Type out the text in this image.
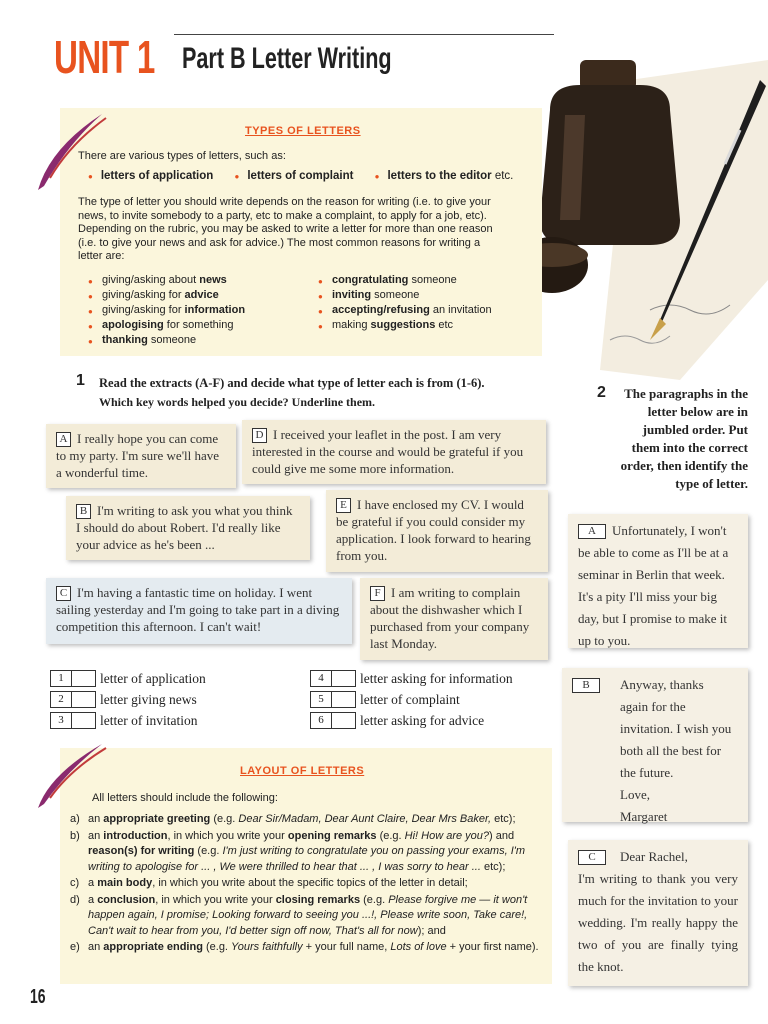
UNIT 1 Part B Letter Writing
TYPES OF LETTERS
There are various types of letters, such as:
● letters of application	● letters of complaint	● letters to the editor etc.
The type of letter you should write depends on the reason for writing (i.e. to give your news, to invite somebody to a party, etc to make a complaint, to apply for a job, etc). Depending on the rubric, you may be asked to write a letter for more than one reason (i.e. to give your news and ask for advice.) The most common reasons for writing a letter are:
● giving/asking about news
● giving/asking for advice
● giving/asking for information
● apologising for something
● thanking someone
● congratulating someone
● inviting someone
● accepting/refusing an invitation
● making suggestions etc
1 Read the extracts (A-F) and decide what type of letter each is from (1-6).
Which key words helped you decide? Underline them.
A I really hope you can come to my party. I'm sure we'll have a wonderful time.
D I received your leaflet in the post. I am very interested in the course and would be grateful if you could give me some more information.
B I'm writing to ask you what you think I should do about Robert. I'd really like your advice as he's been ...
E I have enclosed my CV. I would be grateful if you could consider my application. I look forward to hearing from you.
C I'm having a fantastic time on holiday. I went sailing yesterday and I'm going to take part in a diving competition this afternoon. I can't wait!
F I am writing to complain about the dishwasher which I purchased from your company last Monday.
1	letter of application
2	letter giving news
3	letter of invitation
4	letter asking for information
5	letter of complaint
6	letter asking for advice
LAYOUT OF LETTERS
All letters should include the following:
a) an appropriate greeting (e.g. Dear Sir/Madam, Dear Aunt Claire, Dear Mrs Baker, etc);
b) an introduction, in which you write your opening remarks (e.g. Hi! How are you?) and reason(s) for writing (e.g. I'm just writing to congratulate you on passing your exams, I'm writing to apologise for ... , We were thrilled to hear that ... , I was sorry to hear ... etc);
c) a main body, in which you write about the specific topics of the letter in detail;
d) a conclusion, in which you write your closing remarks (e.g. Please forgive me — it won't happen again, I promise; Looking forward to seeing you ...!, Please write soon, Take care!, Can't wait to hear from you, I'd better sign off now, That's all for now); and
e) an appropriate ending (e.g. Yours faithfully + your full name, Lots of love + your first name).
2	The paragraphs in the letter below are in jumbled order. Put them into the correct order, then identify the type of letter.
A Unfortunately, I won't be able to come as I'll be at a seminar in Berlin that week. It's a pity I'll miss your big day, but I promise to make it up to you.
B	Anyway, thanks again for the invitation. I wish you both all the best for the future.
Love,
Margaret
C Dear Rachel,
I'm writing to thank you very much for the invitation to your wedding. I'm really happy the two of you are finally tying the knot.
16
